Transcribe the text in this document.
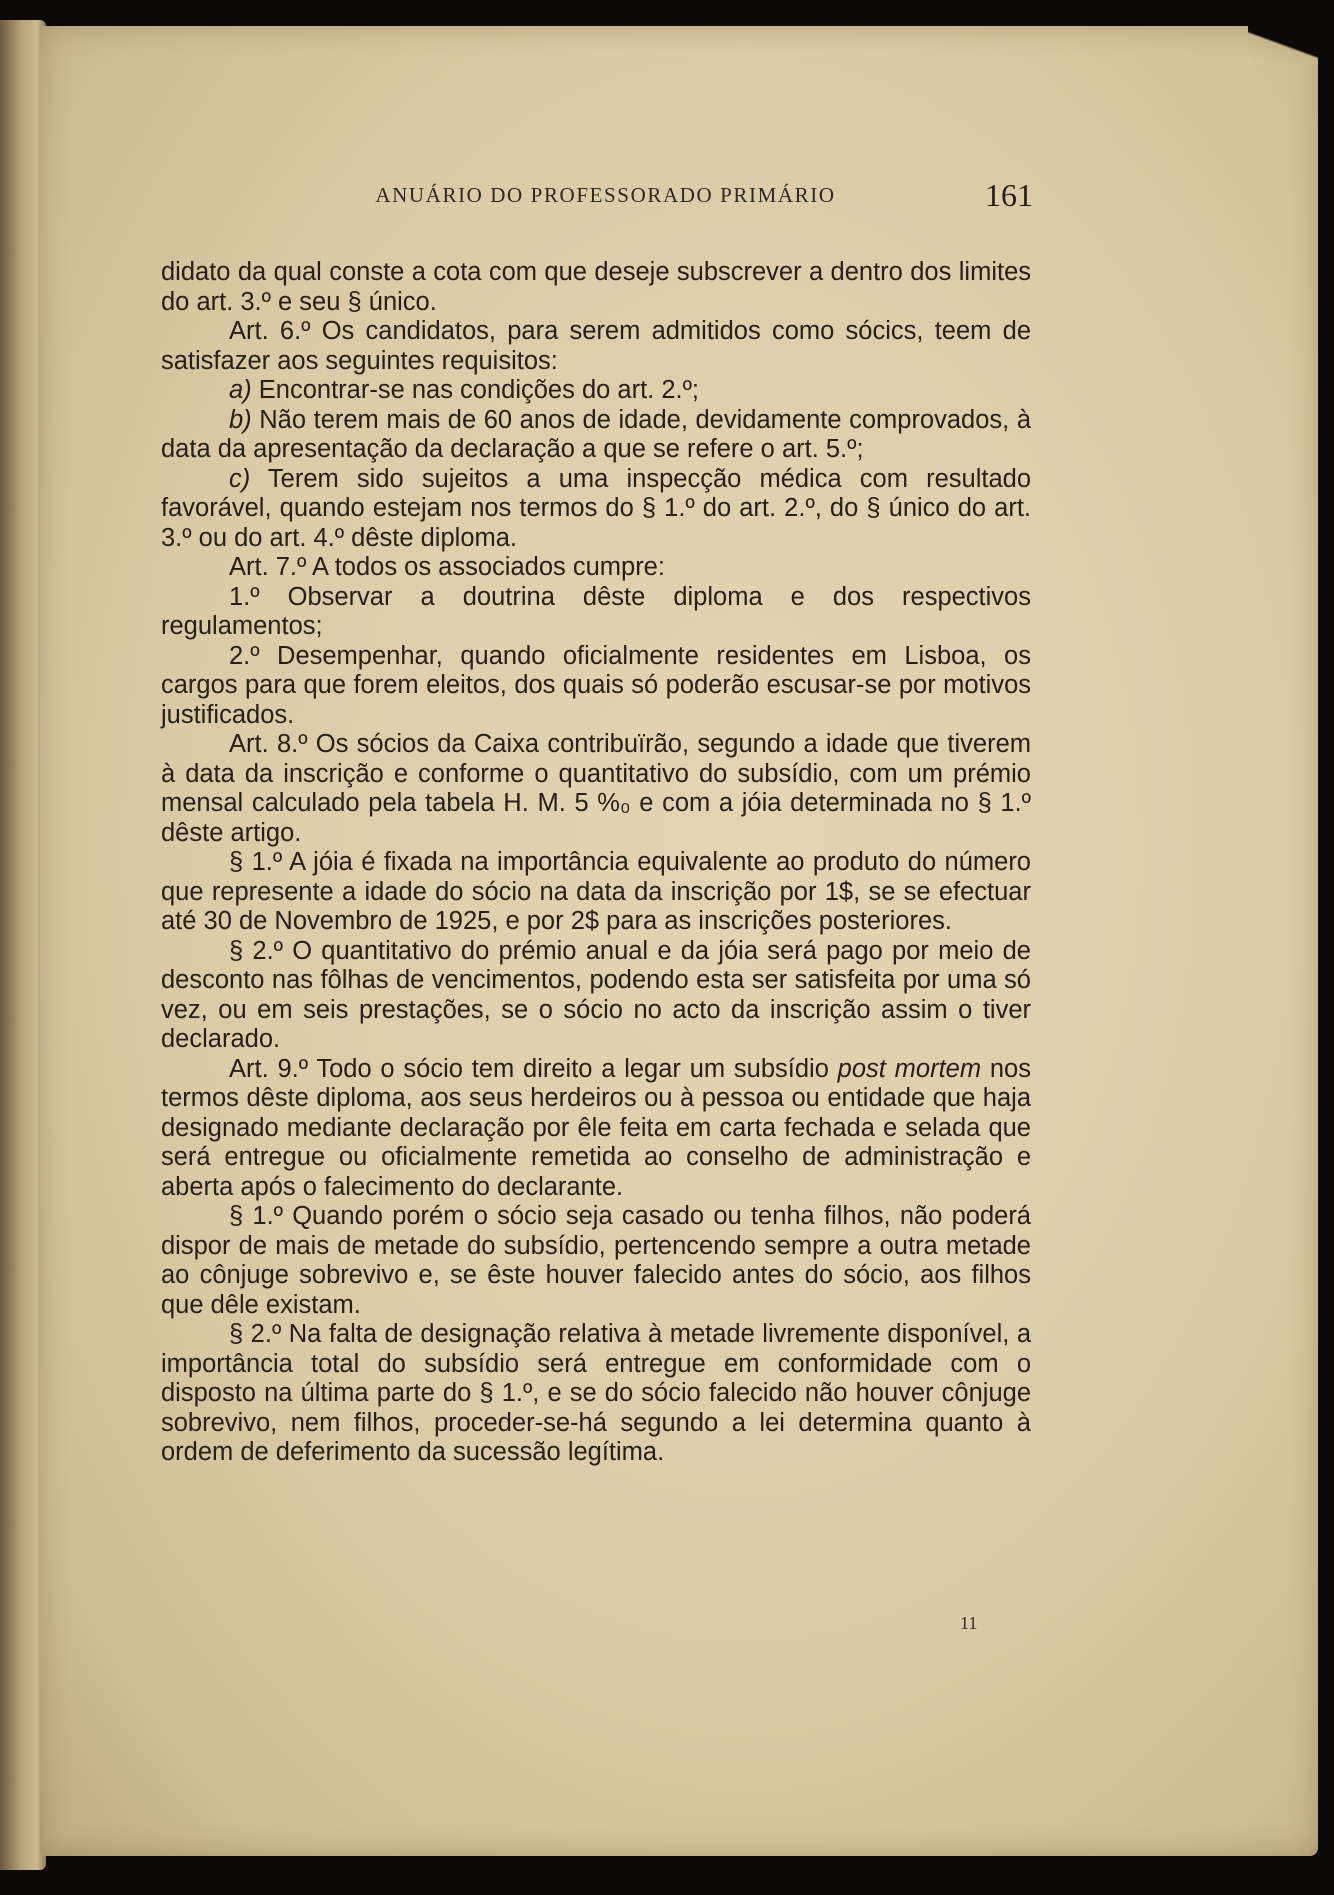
ANUÁRIO DO PROFESSORADO PRIMÁRIO	161

didato da qual conste a cota com que deseje subscrever a dentro dos limites do art. 3.º e seu § único.

Art. 6.º Os candidatos, para serem admitidos como sócics, teem de satisfazer aos seguintes requisitos:

a) Encontrar-se nas condições do art. 2.º;

b) Não terem mais de 60 anos de idade, devidamente comprovados, à data da apresentação da declaração a que se refere o art. 5.º;

c) Terem sido sujeitos a uma inspecção médica com resultado favorável, quando estejam nos termos do § 1.º do art. 2.º, do § único do art. 3.º ou do art. 4.º dêste diploma.

Art. 7.º A todos os associados cumpre:

1.º Observar a doutrina dêste diploma e dos respectivos regulamentos;

2.º Desempenhar, quando oficialmente residentes em Lisboa, os cargos para que forem eleitos, dos quais só poderão escusar-se por motivos justificados.

Art. 8.º Os sócios da Caixa contribuïrão, segundo a idade que tiverem à data da inscrição e conforme o quantitativo do subsídio, com um prémio mensal calculado pela tabela H. M. 5 %₀ e com a jóia determinada no § 1.º dêste artigo.

§ 1.º A jóia é fixada na importância equivalente ao produto do número que represente a idade do sócio na data da inscrição por 1$, se se efectuar até 30 de Novembro de 1925, e por 2$ para as inscrições posteriores.

§ 2.º O quantitativo do prémio anual e da jóia será pago por meio de desconto nas fôlhas de vencimentos, podendo esta ser satisfeita por uma só vez, ou em seis prestações, se o sócio no acto da inscrição assim o tiver declarado.

Art. 9.º Todo o sócio tem direito a legar um subsídio post mortem nos termos dêste diploma, aos seus herdeiros ou à pessoa ou entidade que haja designado mediante declaração por êle feita em carta fechada e selada que será entregue ou oficialmente remetida ao conselho de administração e aberta após o falecimento do declarante.

§ 1.º Quando porém o sócio seja casado ou tenha filhos, não poderá dispor de mais de metade do subsídio, pertencendo sempre a outra metade ao cônjuge sobrevivo e, se êste houver falecido antes do sócio, aos filhos que dêle existam.

§ 2.º Na falta de designação relativa à metade livremente disponível, a importância total do subsídio será entregue em conformidade com o disposto na última parte do § 1.º, e se do sócio falecido não houver cônjuge sobrevivo, nem filhos, proceder-se-há segundo a lei determina quanto à ordem de deferimento da sucessão legítima.

11
